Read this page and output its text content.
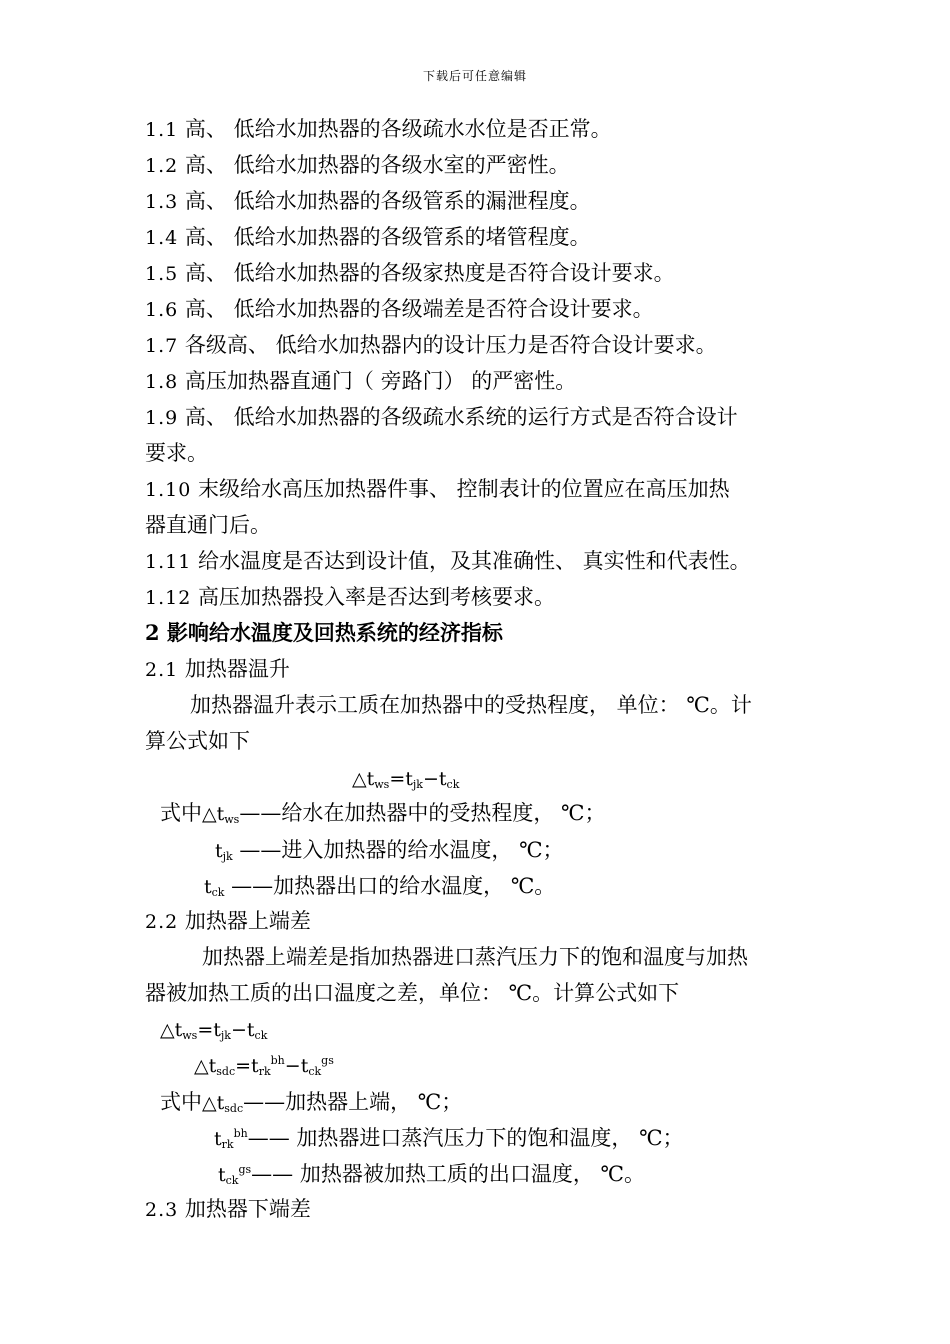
下载后可任意编辑
1.1 高、 低给水加热器的各级疏水水位是否正常。
1.2 高、 低给水加热器的各级水室的严密性。
1.3 高、 低给水加热器的各级管系的漏泄程度。
1.4 高、 低给水加热器的各级管系的堵管程度。
1.5 高、 低给水加热器的各级家热度是否符合设计要求。
1.6 高、 低给水加热器的各级端差是否符合设计要求。
1.7 各级高、 低给水加热器内的设计压力是否符合设计要求。
1.8 高压加热器直通门（ 旁路门） 的严密性。
1.9 高、 低给水加热器的各级疏水系统的运行方式是否符合设计
要求。
1.10 末级给水高压加热器件事、 控制表计的位置应在高压加热
器直通门后。
1.11 给水温度是否达到设计值，及其准确性、 真实性和代表性。
1.12 高压加热器投入率是否达到考核要求。
2 影响给水温度及回热系统的经济指标
2.1 加热器温升
加热器温升表示工质在加热器中的受热程度， 单位： ℃。计
算公式如下
$\triangle t_{ws}=t_{jk}-t_{ck}$
式中$\triangle t_{ws}——$给水在加热器中的受热程度， ℃；
$t_{jk}$ ——进入加热器的给水温度， ℃；
$t_{ck}$ ——加热器出口的给水温度， ℃。
2.2 加热器上端差
加热器上端差是指加热器进口蒸汽压力下的饱和温度与加热
器被加热工质的出口温度之差，单位： ℃。计算公式如下
$\triangle t_{ws}=t_{jk}-t_{ck}$
$\triangle t_{sdc}=t_{rk}^{bh}-t_{ck}^{gs}$
式中$\triangle t_{sdc}——$加热器上端， ℃；
$t_{rk}^{bh}——$ 加热器进口蒸汽压力下的饱和温度， ℃；
$t_{ck}^{gs}——$ 加热器被加热工质的出口温度， ℃。
2.3 加热器下端差
